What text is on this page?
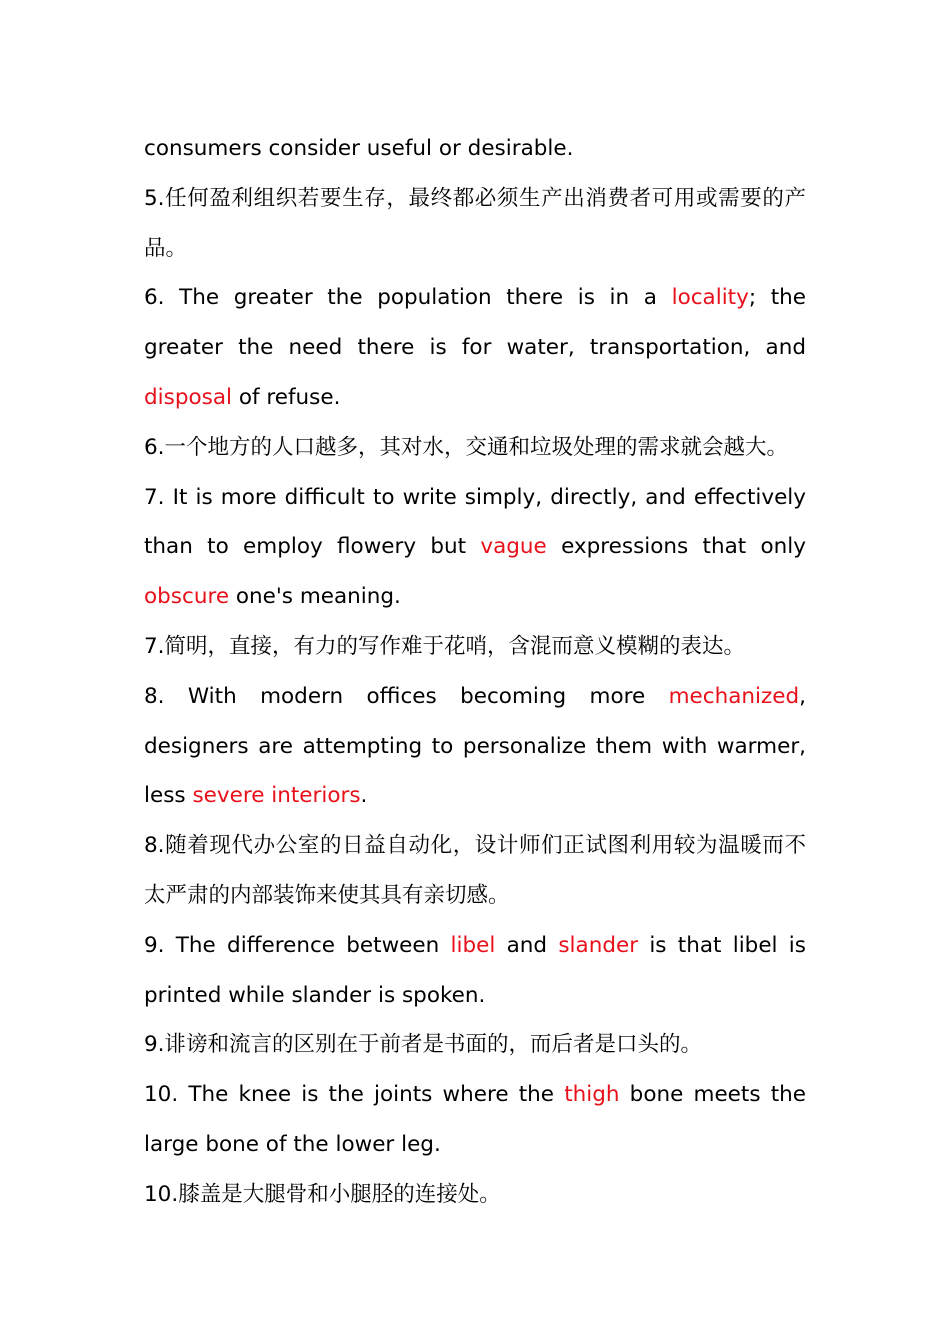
consumers consider useful or desirable.

5.任何盈利组织若要生存，最终都必须生产出消费者可用或需要的产品。

6. The greater the population there is in a locality; the greater the need there is for water, transportation, and disposal of refuse.

6.一个地方的人口越多，其对水，交通和垃圾处理的需求就会越大。

7. It is more difficult to write simply, directly, and effectively than to employ flowery but vague expressions that only obscure one's meaning.

7.简明，直接，有力的写作难于花哨，含混而意义模糊的表达。

8. With modern offices becoming more mechanized, designers are attempting to personalize them with warmer, less severe interiors.

8.随着现代办公室的日益自动化，设计师们正试图利用较为温暖而不太严肃的内部装饰来使其具有亲切感。

9. The difference between libel and slander is that libel is printed while slander is spoken.

9.诽谤和流言的区别在于前者是书面的，而后者是口头的。

10. The knee is the joints where the thigh bone meets the large bone of the lower leg.

10.膝盖是大腿骨和小腿胫的连接处。
